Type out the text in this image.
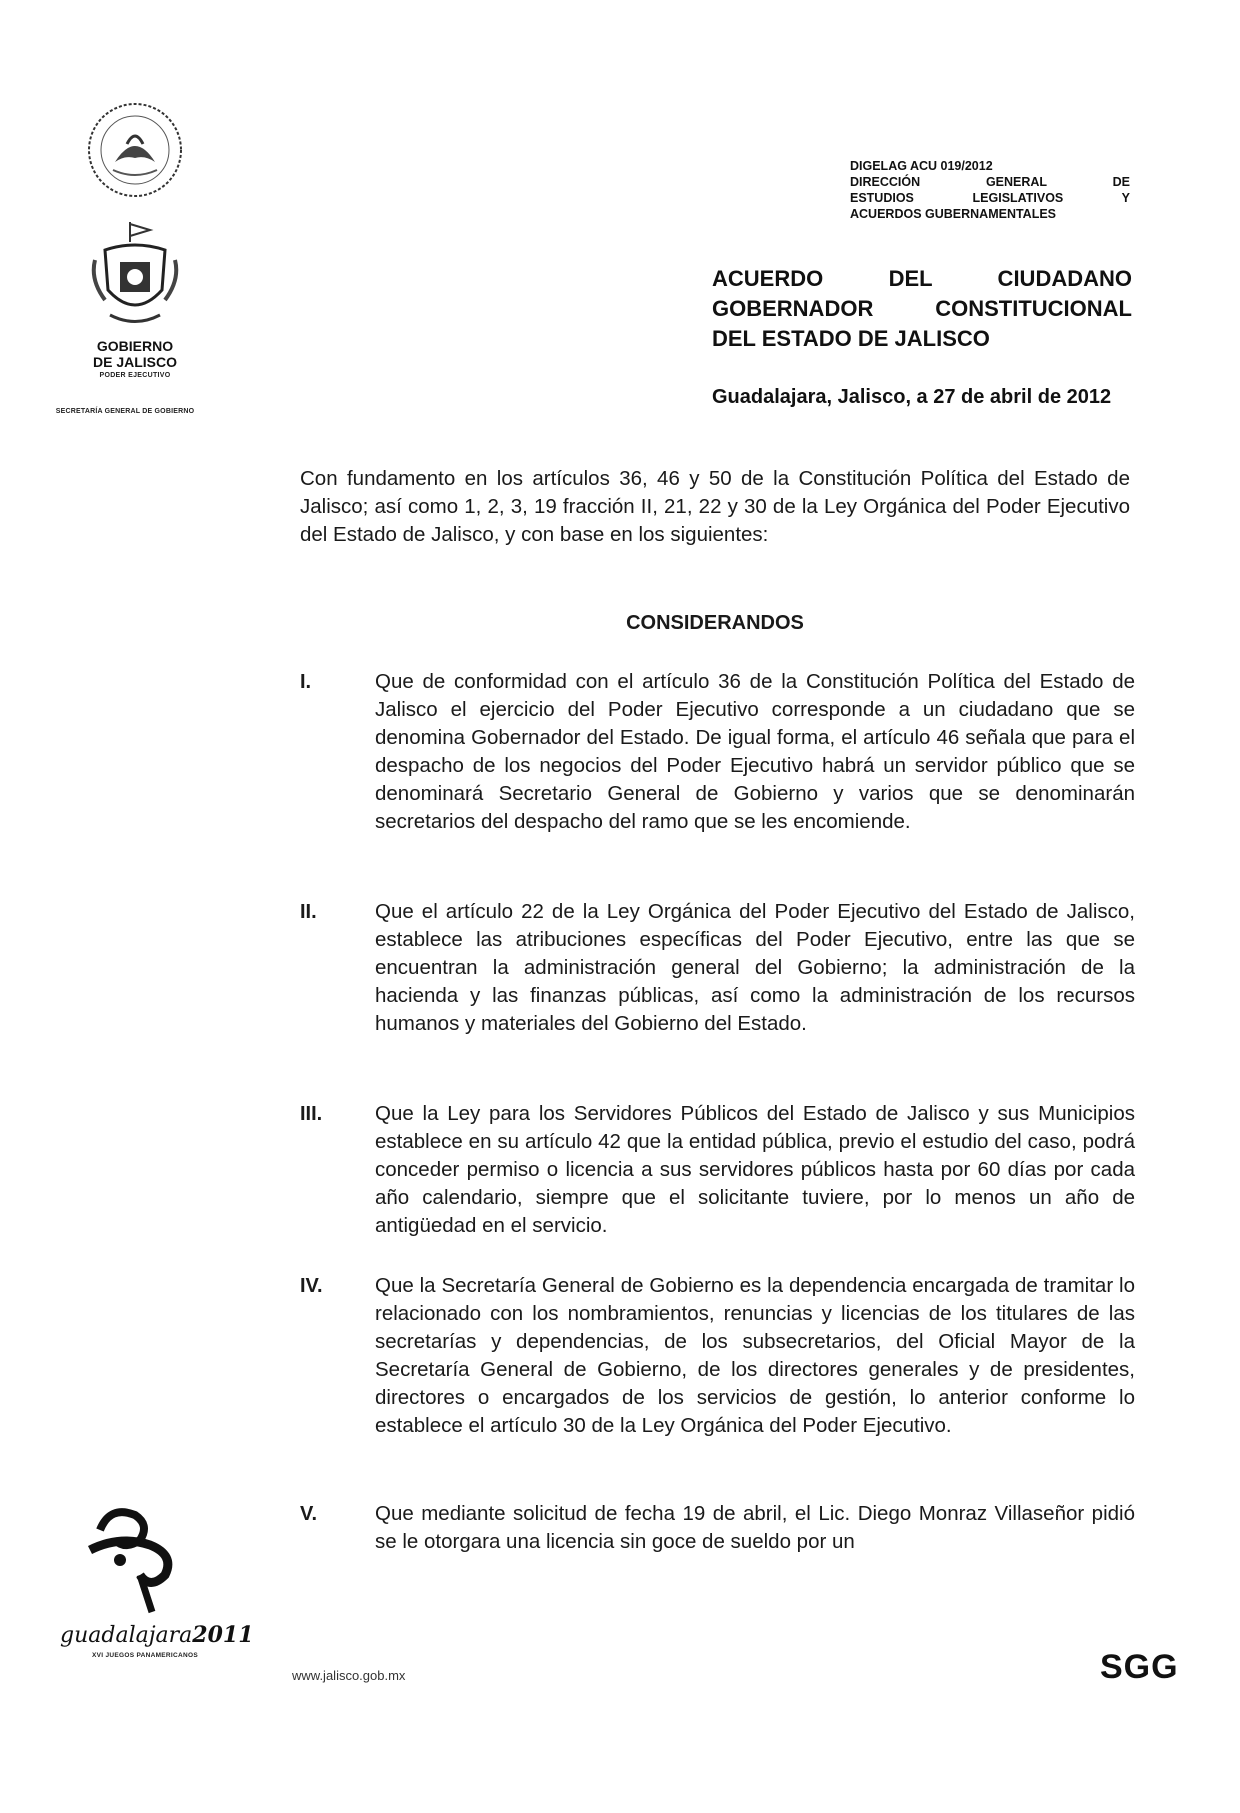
GOBIERNO
DE JALISCO
PODER EJECUTIVO
SECRETARÍA GENERAL DE GOBIERNO
guadalajara2011
XVI JUEGOS PANAMERICANOS
DIGELAG ACU 019/2012
DIRECCIÓN GENERAL DE
ESTUDIOS LEGISLATIVOS Y
ACUERDOS GUBERNAMENTALES
ACUERDO DEL CIUDADANO
GOBERNADOR CONSTITUCIONAL
DEL ESTADO DE JALISCO
Guadalajara, Jalisco, a 27 de abril de 2012
Con fundamento en los artículos 36, 46 y 50 de la Constitución Política del Estado de Jalisco; así como 1, 2, 3, 19 fracción II, 21, 22 y 30 de la Ley Orgánica del Poder Ejecutivo del Estado de Jalisco, y con base en los siguientes:
CONSIDERANDOS
I.	Que de conformidad con el artículo 36 de la Constitución Política del Estado de Jalisco el ejercicio del Poder Ejecutivo corresponde a un ciudadano que se denomina Gobernador del Estado. De igual forma, el artículo 46 señala que para el despacho de los negocios del Poder Ejecutivo habrá un servidor público que se denominará Secretario General de Gobierno y varios que se denominarán secretarios del despacho del ramo que se les encomiende.
II.	Que el artículo 22 de la Ley Orgánica del Poder Ejecutivo del Estado de Jalisco, establece las atribuciones específicas del Poder Ejecutivo, entre las que se encuentran la administración general del Gobierno; la administración de la hacienda y las finanzas públicas, así como la administración de los recursos humanos y materiales del Gobierno del Estado.
III.	Que la Ley para los Servidores Públicos del Estado de Jalisco y sus Municipios establece en su artículo 42 que la entidad pública, previo el estudio del caso, podrá conceder permiso o licencia a sus servidores públicos hasta por 60 días por cada año calendario, siempre que el solicitante tuviere, por lo menos un año de antigüedad en el servicio.
IV.	Que la Secretaría General de Gobierno es la dependencia encargada de tramitar lo relacionado con los nombramientos, renuncias y licencias de los titulares de las secretarías y dependencias, de los subsecretarios, del Oficial Mayor de la Secretaría General de Gobierno, de los directores generales y de presidentes, directores o encargados de los servicios de gestión, lo anterior conforme lo establece el artículo 30 de la Ley Orgánica del Poder Ejecutivo.
V.	Que mediante solicitud de fecha 19 de abril, el Lic. Diego Monraz Villaseñor pidió se le otorgara una licencia sin goce de sueldo por un
www.jalisco.gob.mx	SGG
